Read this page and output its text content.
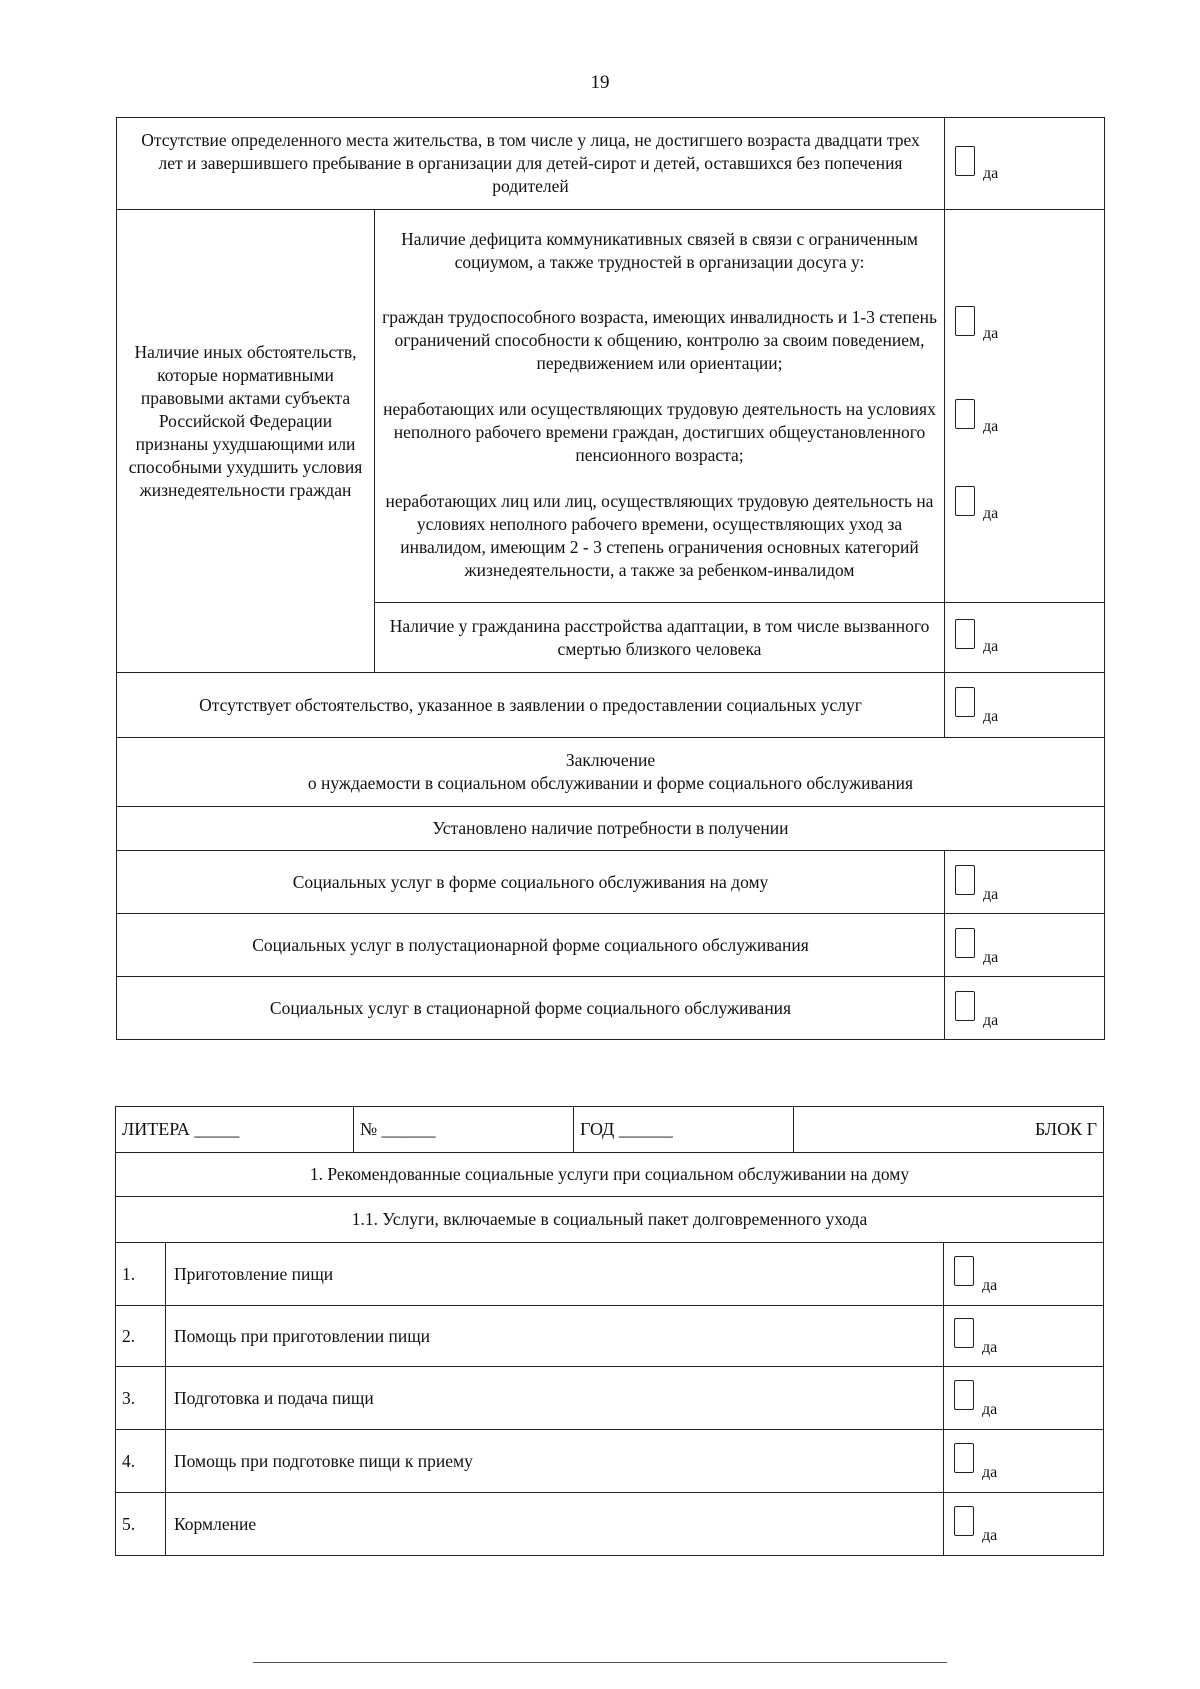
19
Отсутствие определенного места жительства, в том числе у лица, не достигшего возраста двадцати трех лет и завершившего пребывание в организации для детей-сирот и детей, оставшихся без попечения родителей		да

Наличие иных обстоятельств, которые нормативными правовыми актами субъекта Российской Федерации признаны ухудшающими или способными ухудшить условия жизнедеятельности граждан	Наличие дефицита коммуникативных связей в связи с ограниченным социумом, а также трудностей в организации досуга у:	
	граждан трудоспособного возраста, имеющих инвалидность и 1-3 степень ограничений способности к общению, контролю за своим поведением, передвижением или ориентации;	да

	неработающих или осуществляющих трудовую деятельность на условиях неполного рабочего времени граждан, достигших общеустановленного пенсионного возраста;	да

	неработающих лиц или лиц, осуществляющих трудовую деятельность на условиях неполного рабочего времени, осуществляющих уход за инвалидом, имеющим 2 - 3 степень ограничения основных категорий жизнедеятельности, а также за ребенком-инвалидом	да

	Наличие у гражданина расстройства адаптации, в том числе вызванного смертью близкого человека	да

Отсутствует обстоятельство, указанное в заявлении о предоставлении социальных услуг		да

Заключение
о нуждаемости в социальном обслуживании и форме социального обслуживания		

Установлено наличие потребности в получении		
Социальных услуг в форме социального обслуживания на дому		да

Социальных услуг в полустационарной форме социального обслуживания		да

Социальных услуг в стационарной форме социального обслуживания		да
ЛИТЕРА _____		№ ______	ГОД ______	БЛОК Г	
1. Рекомендованные социальные услуги при социальном обслуживании на дому					
1.1. Услуги, включаемые в социальный пакет долговременного ухода					
1.	Приготовление пищи				да

2.	Помощь при приготовлении пищи				да

3.	Подготовка и подача пищи				да

4.	Помощь при подготовке пищи к приему				да

5.	Кормление				да
